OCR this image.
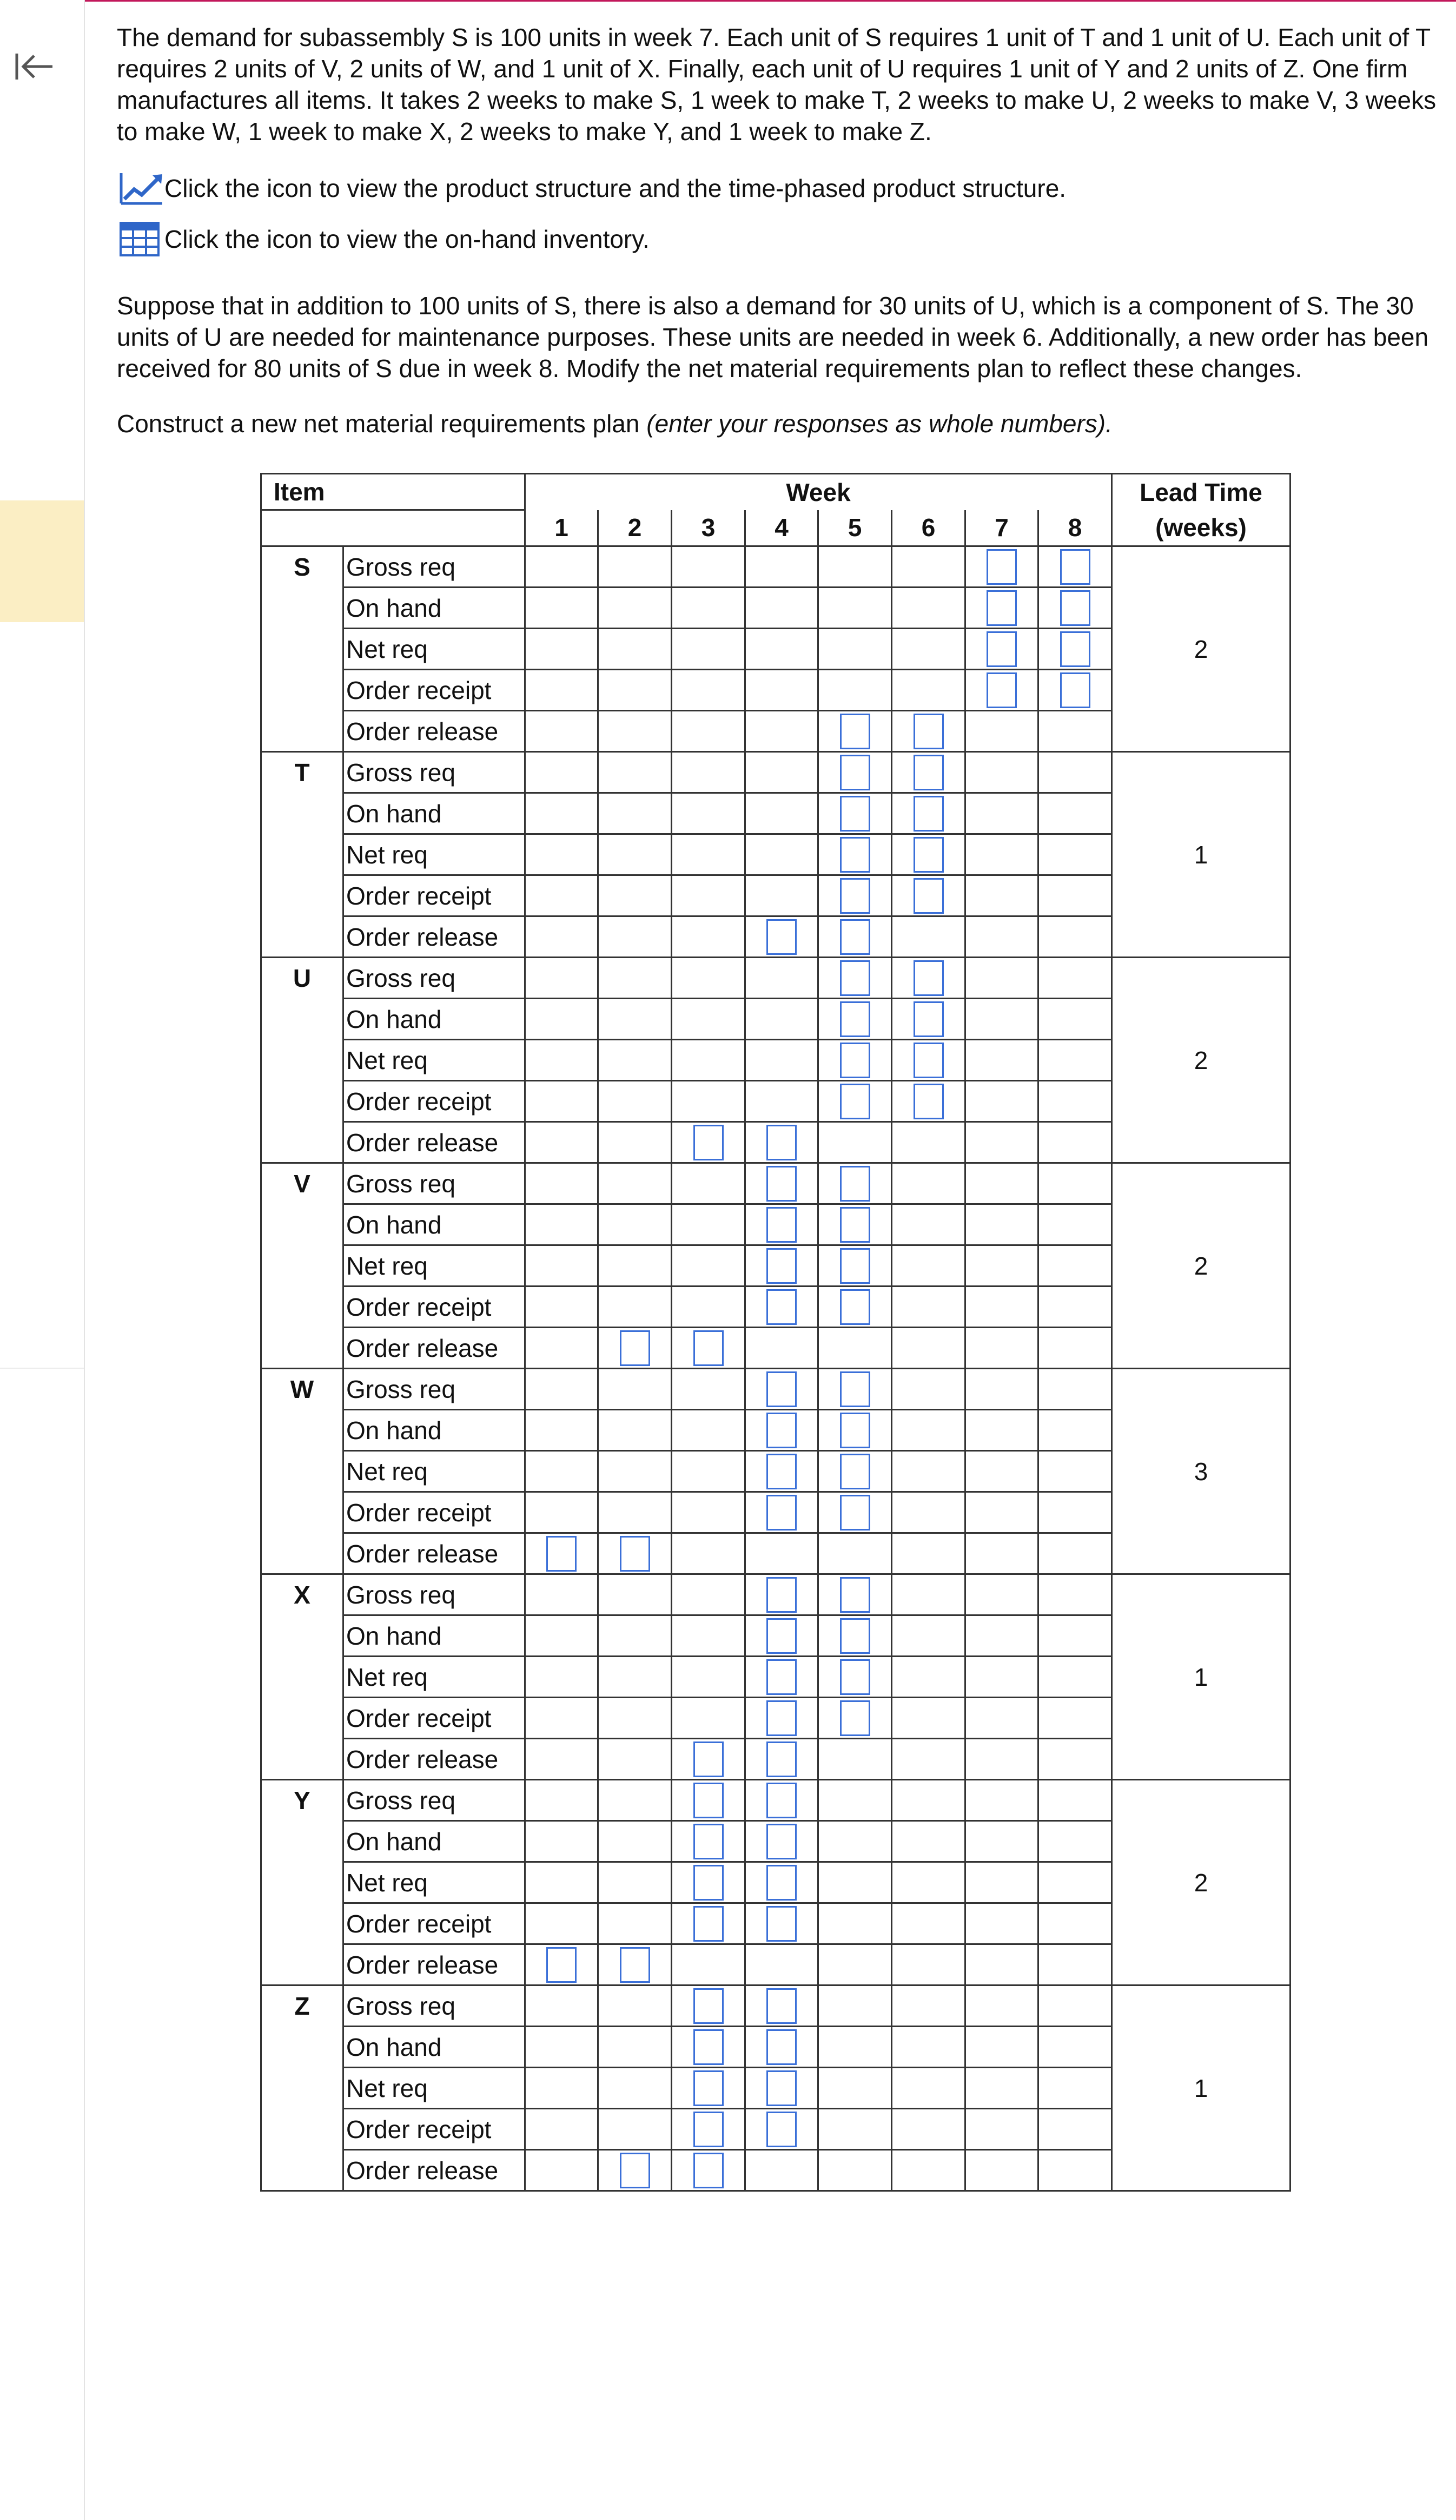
The demand for subassembly S is 100 units in week 7. Each unit of S requires 1 unit of T and 1 unit of U. Each unit of T requires 2 units of V, 2 units of W, and 1 unit of X. Finally, each unit of U requires 1 unit of Y and 2 units of Z. One firm manufactures all items. It takes 2 weeks to make S, 1 week to make T, 2 weeks to make U, 2 weeks to make V, 3 weeks to make W, 1 week to make X, 2 weeks to make Y, and 1 week to make Z.

Click the icon to view the product structure and the time-phased product structure.
Click the icon to view the on-hand inventory.

Suppose that in addition to 100 units of S, there is also a demand for 30 units of U, which is a component of S. The 30 units of U are needed for maintenance purposes. These units are needed in week 6. Additionally, a new order has been received for 80 units of S due in week 8. Modify the net material requirements plan to reflect these changes.

Construct a new net material requirements plan (enter your responses as whole numbers).

Item		Week								Lead Time
		1	2	3	4	5	6	7	8	(weeks)
S	Gross req									2
	On hand								

	Net req								

	Order receipt								

	Order release						

T	Gross req									1
	On hand						

	Net req						

	Order receipt						

	Order release					

U	Gross req									2
	On hand						

	Net req						

	Order receipt						

	Order release				

V	Gross req									2
	On hand					

	Net req					

	Order receipt					

	Order release			

W	Gross req									3
	On hand					

	Net req					

	Order receipt					

	Order release		

X	Gross req									1
	On hand					

	Net req					

	Order receipt					

	Order release				

Y	Gross req									2
	On hand				

	Net req				

	Order receipt				

	Order release		

Z	Gross req									1
	On hand				

	Net req				

	Order receipt				

	Order release			
